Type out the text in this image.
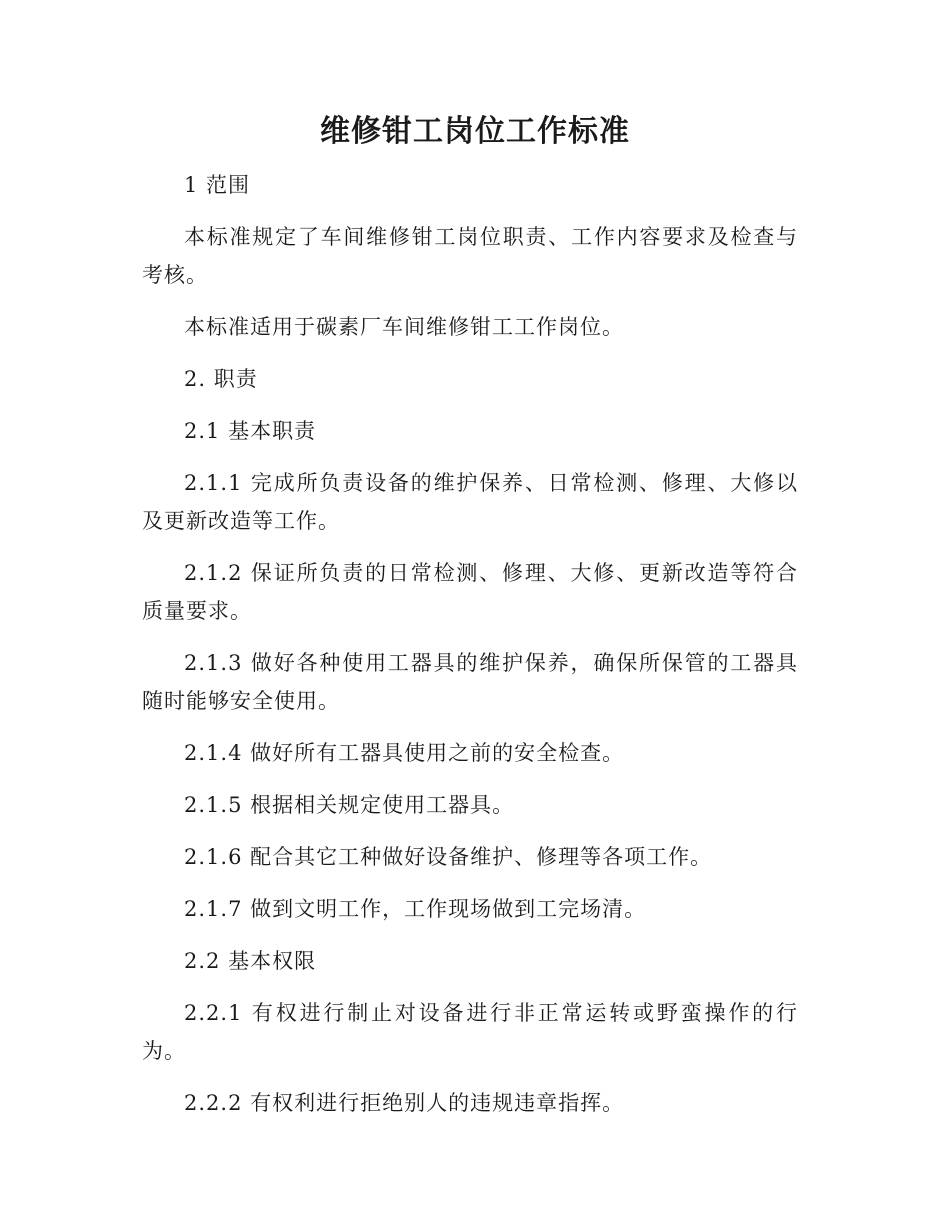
维修钳工岗位工作标准

1 范围

本标准规定了车间维修钳工岗位职责、工作内容要求及检查与考核。

本标准适用于碳素厂车间维修钳工工作岗位。

2. 职责

2.1 基本职责

2.1.1 完成所负责设备的维护保养、日常检测、修理、大修以及更新改造等工作。

2.1.2 保证所负责的日常检测、修理、大修、更新改造等符合质量要求。

2.1.3 做好各种使用工器具的维护保养，确保所保管的工器具随时能够安全使用。

2.1.4 做好所有工器具使用之前的安全检查。

2.1.5 根据相关规定使用工器具。

2.1.6 配合其它工种做好设备维护、修理等各项工作。

2.1.7 做到文明工作，工作现场做到工完场清。

2.2 基本权限

2.2.1 有权进行制止对设备进行非正常运转或野蛮操作的行为。

2.2.2 有权利进行拒绝别人的违规违章指挥。
